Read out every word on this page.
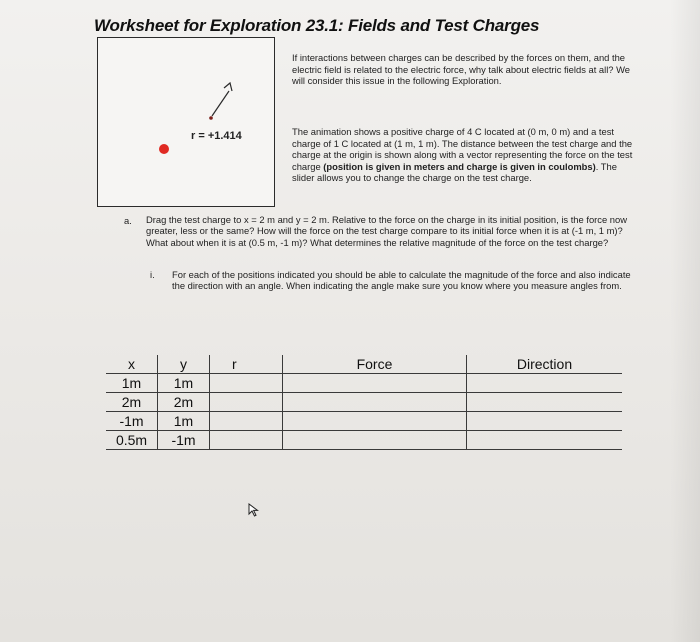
Worksheet for Exploration 23.1: Fields and Test Charges
r = +1.414

If interactions between charges can be described by the forces on them, and the electric field is related to the electric force, why talk about electric fields at all? We will consider this issue in the following Exploration.

The animation shows a positive charge of 4 C located at (0 m, 0 m) and a test charge of 1 C located at (1 m, 1 m). The distance between the test charge and the charge at the origin is shown along with a vector representing the force on the test charge (position is given in meters and charge is given in coulombs). The slider allows you to change the charge on the test charge.

a. Drag the test charge to x = 2 m and y = 2 m. Relative to the force on the charge in its initial position, is the force now greater, less or the same? How will the force on the test charge compare to its initial force when it is at (-1 m, 1 m)? What about when it is at (0.5 m, -1 m)? What determines the relative magnitude of the force on the test charge?
i. For each of the positions indicated you should be able to calculate the magnitude of the force and also indicate the direction with an angle. When indicating the angle make sure you know where you measure angles from.
x	y	r	Force	Direction
1m	1m			
2m	2m			
-1m	1m			
0.5m	-1m			
